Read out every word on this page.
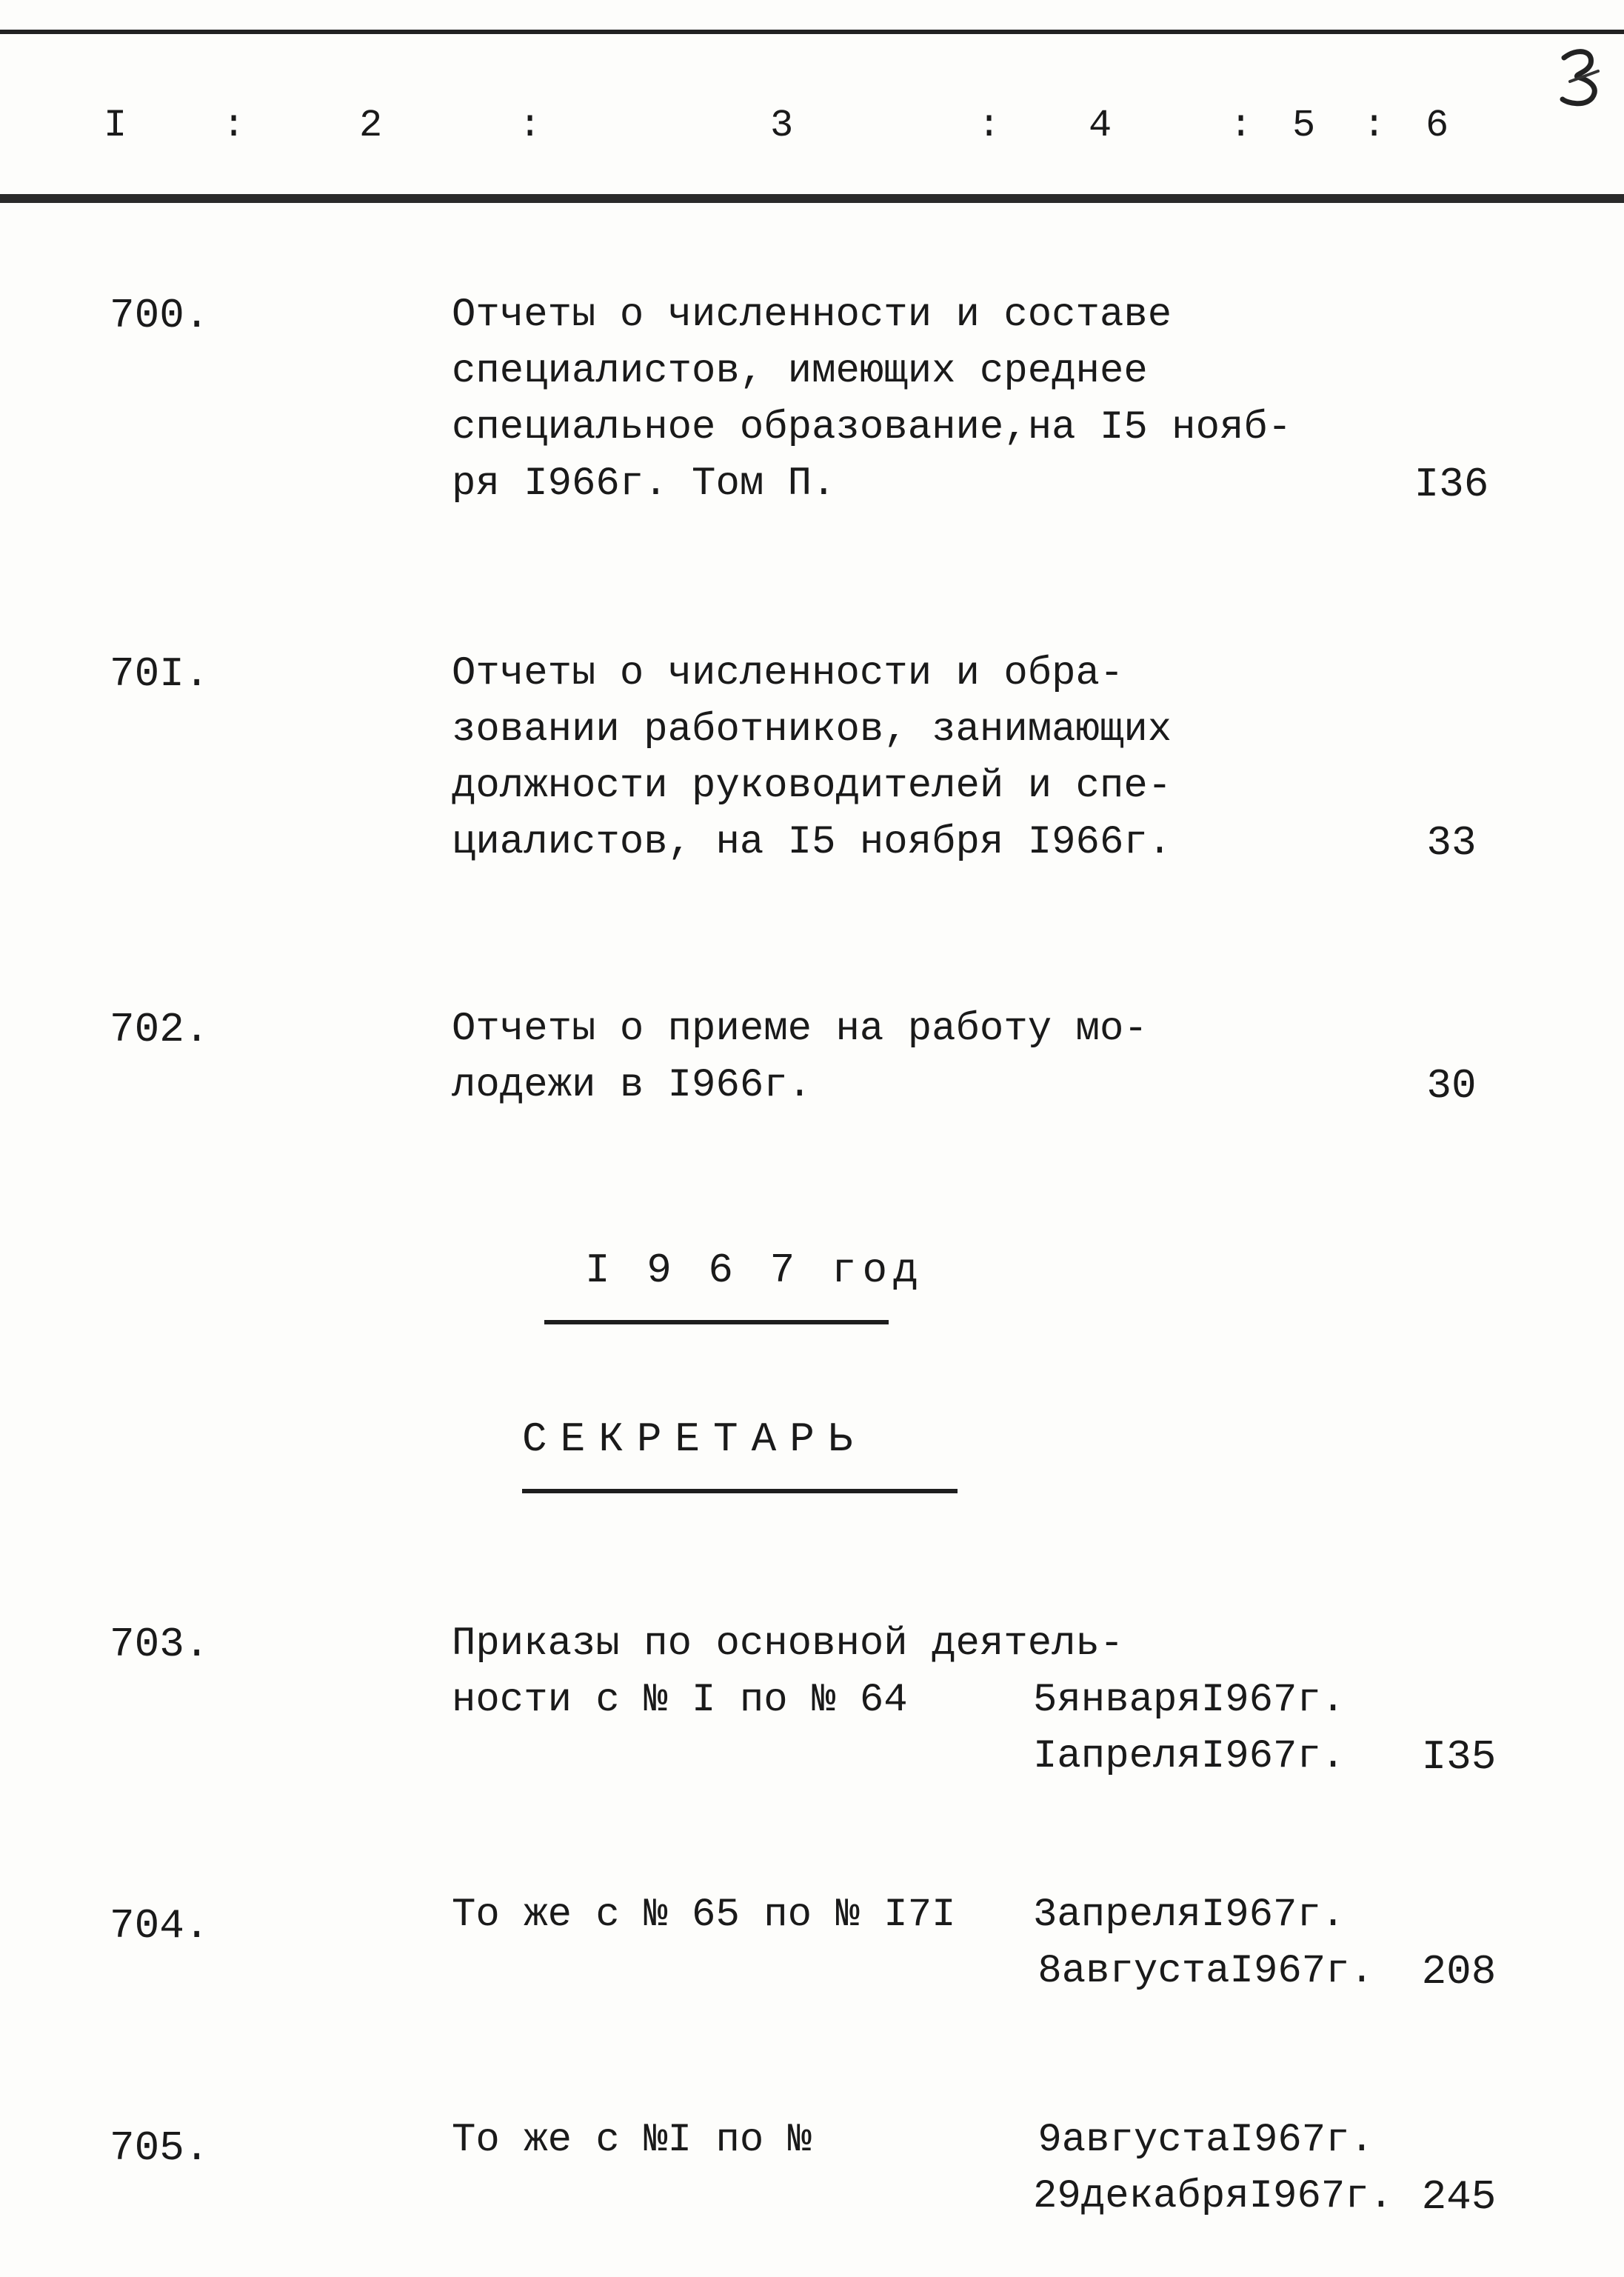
I :	2	:	3	: 4	: 5 : 6
700.	Отчеты о численности и составе
специалистов, имеющих среднее
специальное образование,на I5 нояб-
ря I966г. Том П.	I36
70I.	Отчеты о численности и обра-
зовании работников, занимающих
должности руководителей и спе-
циалистов, на I5 ноября I966г.	33
702.	Отчеты о приеме на работу мо-
лодежи в I966г.	30
I 9 6 7 год
СЕКРЕТАРЬ
703.	Приказы по основной деятель-
ности с № I по № 64	5январяI967г.
IапреляI967г. I35
704.	То же с № 65 по № I7I	3апреляI967г.
8августаI967г. 208
705.	То же с №I по №	9августаI967г.
29декабряI967г. 245
